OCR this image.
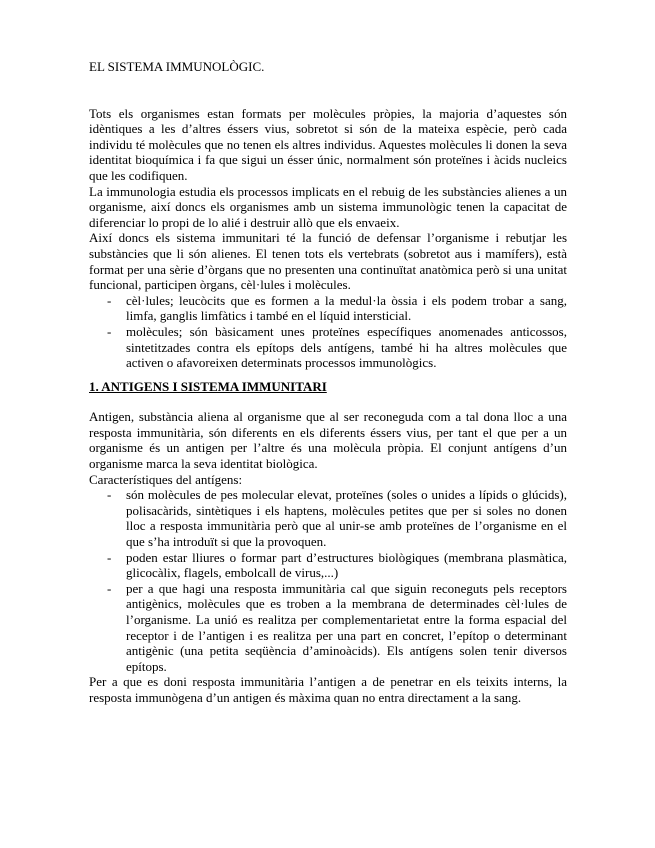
EL SISTEMA IMMUNOLÒGIC.

Tots els organismes estan formats per molècules pròpies, la majoria d’aquestes són idèntiques a les d’altres éssers vius, sobretot si són de la mateixa espècie, però cada individu té molècules que no tenen els altres individus. Aquestes molècules li donen la seva identitat bioquímica i fa que sigui un ésser únic, normalment són proteïnes i àcids nucleics que les codifiquen.

La immunologia estudia els processos implicats en el rebuig de les substàncies alienes a un organisme, així doncs els organismes amb un sistema immunològic tenen la capacitat de diferenciar lo propi de lo alié i destruir allò que els envaeix.

Així doncs els sistema immunitari té la funció de defensar l’organisme i rebutjar les substàncies que li són alienes. El tenen tots els vertebrats (sobretot aus i mamífers), està format per una sèrie d’òrgans que no presenten una continuïtat anatòmica però si una unitat funcional, participen òrgans, cèl·lules i molècules.

- cèl·lules; leucòcits que es formen a la medul·la òssia i els podem trobar a sang, limfa, ganglis limfàtics i també en el líquid intersticial.
- molècules; són bàsicament unes proteïnes específiques anomenades anticossos, sintetitzades contra els epítops dels antígens, també hi ha altres molècules que activen o afavoreixen determinats processos immunològics.

1. ANTIGENS I SISTEMA IMMUNITARI

Antigen, substància aliena al organisme que al ser reconeguda com a tal dona lloc a una resposta immunitària, són diferents en els diferents éssers vius, per tant el que per a un organisme és un antigen per l’altre és una molècula pròpia. El conjunt antígens d’un organisme marca la seva identitat biològica.

Característiques del antígens:

- són molècules de pes molecular elevat, proteïnes (soles o unides a lípids o glúcids), polisacàrids, sintètiques i els haptens, molècules petites que per si soles no donen lloc a resposta immunitària però que al unir-se amb proteïnes de l’organisme en el que s’ha introduït si que la provoquen.
- poden estar lliures o formar part d’estructures biològiques (membrana plasmàtica, glicocàlix, flagels, embolcall de virus,...)
- per a que hagi una resposta immunitària cal que siguin reconeguts pels receptors antigènics, molècules que es troben a la membrana de determinades cèl·lules de l’organisme. La unió es realitza per complementarietat entre la forma espacial del receptor i de l’antigen i es realitza per una part en concret, l’epítop o determinant antigènic (una petita seqüència d’aminoàcids). Els antígens solen tenir diversos epítops.

Per a que es doni resposta immunitària l’antigen a de penetrar en els teixits interns, la resposta immunògena d’un antigen és màxima quan no entra directament a la sang.
